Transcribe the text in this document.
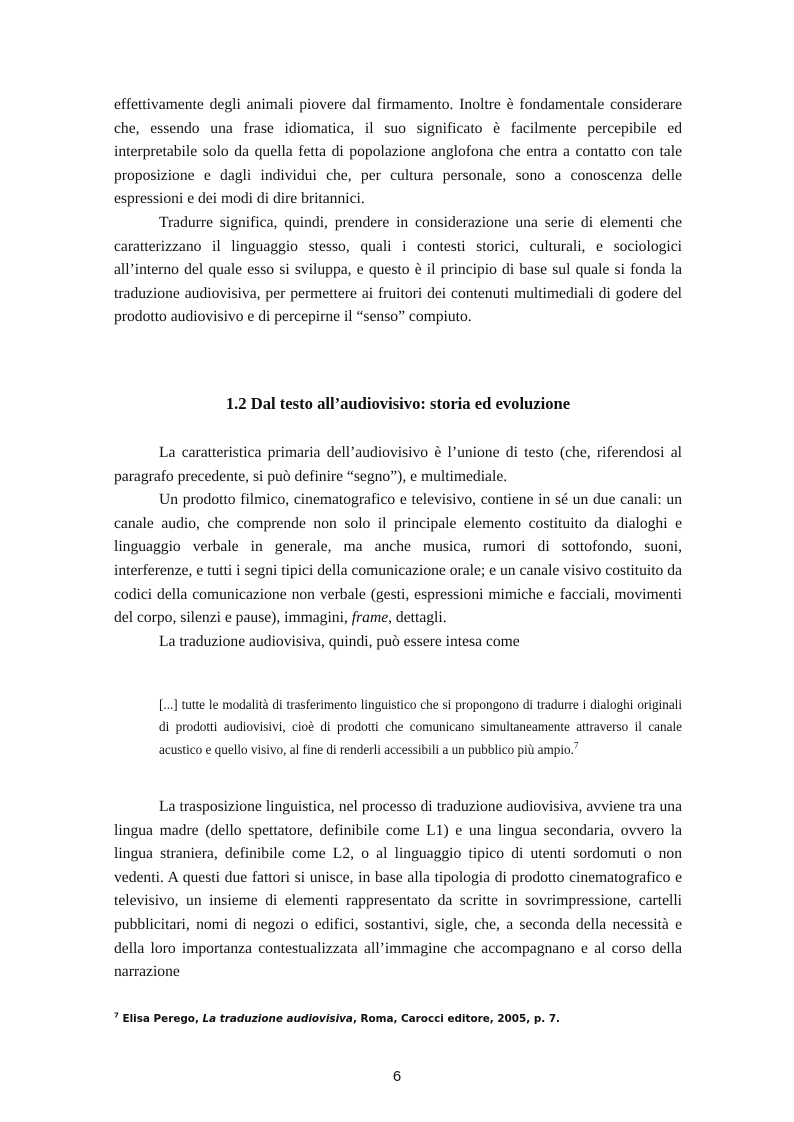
effettivamente degli animali piovere dal firmamento. Inoltre è fondamentale considerare che, essendo una frase idiomatica, il suo significato è facilmente percepibile ed interpretabile solo da quella fetta di popolazione anglofona che entra a contatto con tale proposizione e dagli individui che, per cultura personale, sono a conoscenza delle espressioni e dei modi di dire britannici.

Tradurre significa, quindi, prendere in considerazione una serie di elementi che caratterizzano il linguaggio stesso, quali i contesti storici, culturali, e sociologici all’interno del quale esso si sviluppa, e questo è il principio di base sul quale si fonda la traduzione audiovisiva, per permettere ai fruitori dei contenuti multimediali di godere del prodotto audiovisivo e di percepirne il “senso” compiuto.

1.2 Dal testo all’audiovisivo: storia ed evoluzione

La caratteristica primaria dell’audiovisivo è l’unione di testo (che, riferendosi al paragrafo precedente, si può definire “segno”), e multimediale.

Un prodotto filmico, cinematografico e televisivo, contiene in sé un due canali: un canale audio, che comprende non solo il principale elemento costituito da dialoghi e linguaggio verbale in generale, ma anche musica, rumori di sottofondo, suoni, interferenze, e tutti i segni tipici della comunicazione orale; e un canale visivo costituito da codici della comunicazione non verbale (gesti, espressioni mimiche e facciali, movimenti del corpo, silenzi e pause), immagini, frame, dettagli.

La traduzione audiovisiva, quindi, può essere intesa come

[...] tutte le modalità di trasferimento linguistico che si propongono di tradurre i dialoghi originali di prodotti audiovisivi, cioè di prodotti che comunicano simultaneamente attraverso il canale acustico e quello visivo, al fine di renderli accessibili a un pubblico più ampio.$^7$

La trasposizione linguistica, nel processo di traduzione audiovisiva, avviene tra una lingua madre (dello spettatore, definibile come L1) e una lingua secondaria, ovvero la lingua straniera, definibile come L2, o al linguaggio tipico di utenti sordomuti o non vedenti. A questi due fattori si unisce, in base alla tipologia di prodotto cinematografico e televisivo, un insieme di elementi rappresentato da scritte in sovrimpressione, cartelli pubblicitari, nomi di negozi o edifici, sostantivi, sigle, che, a seconda della necessità e della loro importanza contestualizzata all’immagine che accompagnano e al corso della narrazione

$^7$ Elisa Perego, La traduzione audiovisiva, Roma, Carocci editore, 2005, p. 7.
6
